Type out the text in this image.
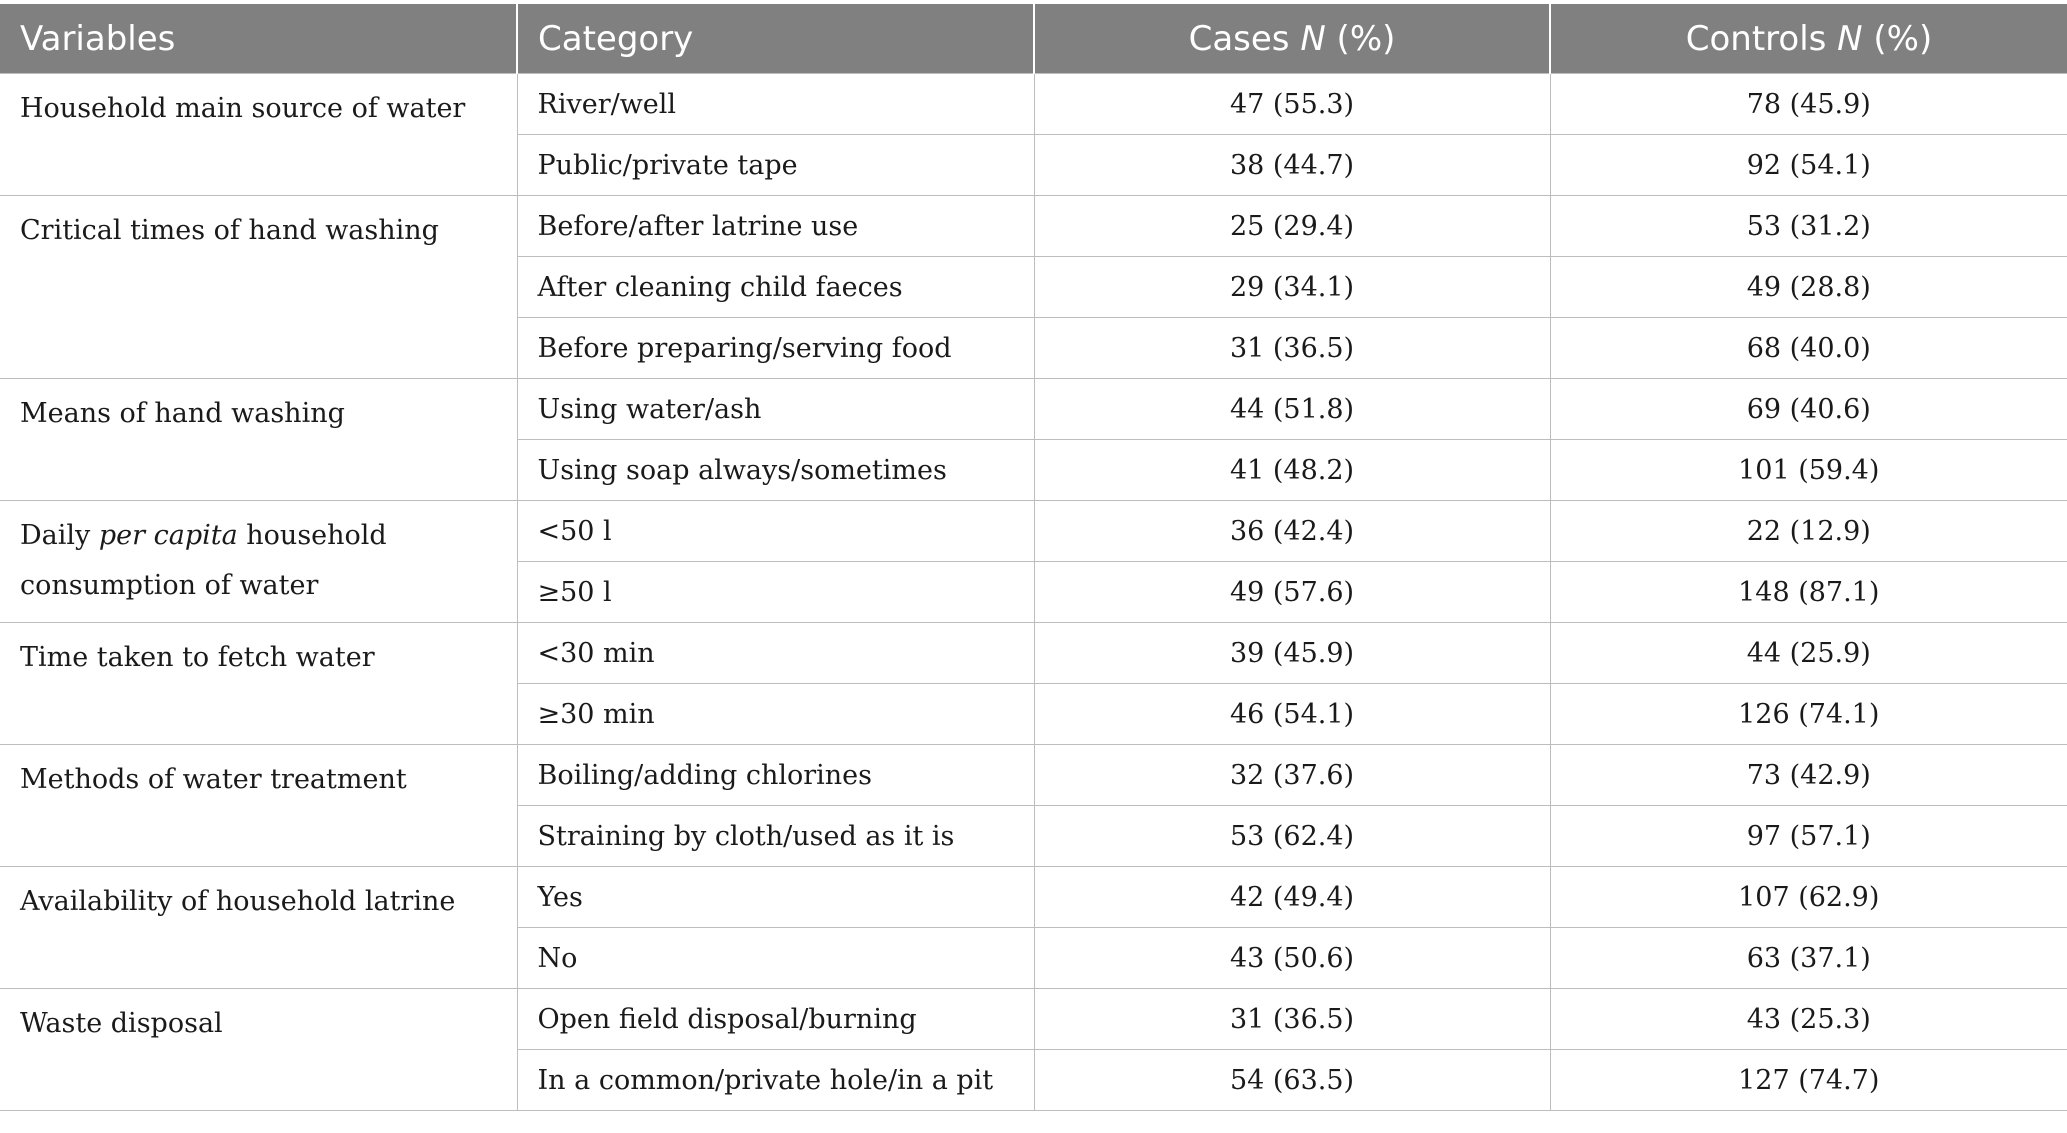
Variables	Category	Cases N (%)	Controls N (%)

Household main source of water	River/well	47 (55.3)	78 (45.9)
	Public/private tape	38 (44.7)	92 (54.1)

Critical times of hand washing	Before/after latrine use	25 (29.4)	53 (31.2)
	After cleaning child faeces	29 (34.1)	49 (28.8)
	Before preparing/serving food	31 (36.5)	68 (40.0)

Means of hand washing	Using water/ash	44 (51.8)	69 (40.6)
	Using soap always/sometimes	41 (48.2)	101 (59.4)

Daily per capita household consumption of water	<50 l	36 (42.4)	22 (12.9)
	≥50 l	49 (57.6)	148 (87.1)

Time taken to fetch water	<30 min	39 (45.9)	44 (25.9)
	≥30 min	46 (54.1)	126 (74.1)

Methods of water treatment	Boiling/adding chlorines	32 (37.6)	73 (42.9)
	Straining by cloth/used as it is	53 (62.4)	97 (57.1)

Availability of household latrine	Yes	42 (49.4)	107 (62.9)
	No	43 (50.6)	63 (37.1)

Waste disposal	Open field disposal/burning	31 (36.5)	43 (25.3)
	In a common/private hole/in a pit	54 (63.5)	127 (74.7)
